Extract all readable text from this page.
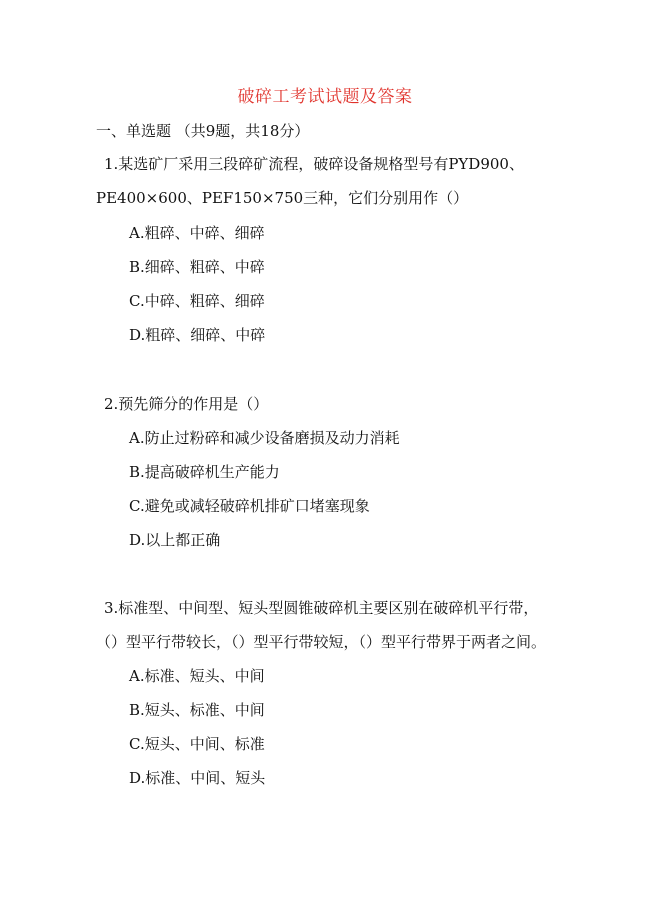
破碎工考试试题及答案
一、单选题 （共9题，共18分）
1.某选矿厂采用三段碎矿流程，破碎设备规格型号有PYD900、
PE400×600、PEF150×750三种，它们分别用作（）
A.粗碎、中碎、细碎
B.细碎、粗碎、中碎
C.中碎、粗碎、细碎
D.粗碎、细碎、中碎
2.预先筛分的作用是（）
A.防止过粉碎和减少设备磨损及动力消耗
B.提高破碎机生产能力
C.避免或减轻破碎机排矿口堵塞现象
D.以上都正确
3.标准型、中间型、短头型圆锥破碎机主要区别在破碎机平行带，
（）型平行带较长，（）型平行带较短，（）型平行带界于两者之间。
A.标准、短头、中间
B.短头、标准、中间
C.短头、中间、标准
D.标准、中间、短头
